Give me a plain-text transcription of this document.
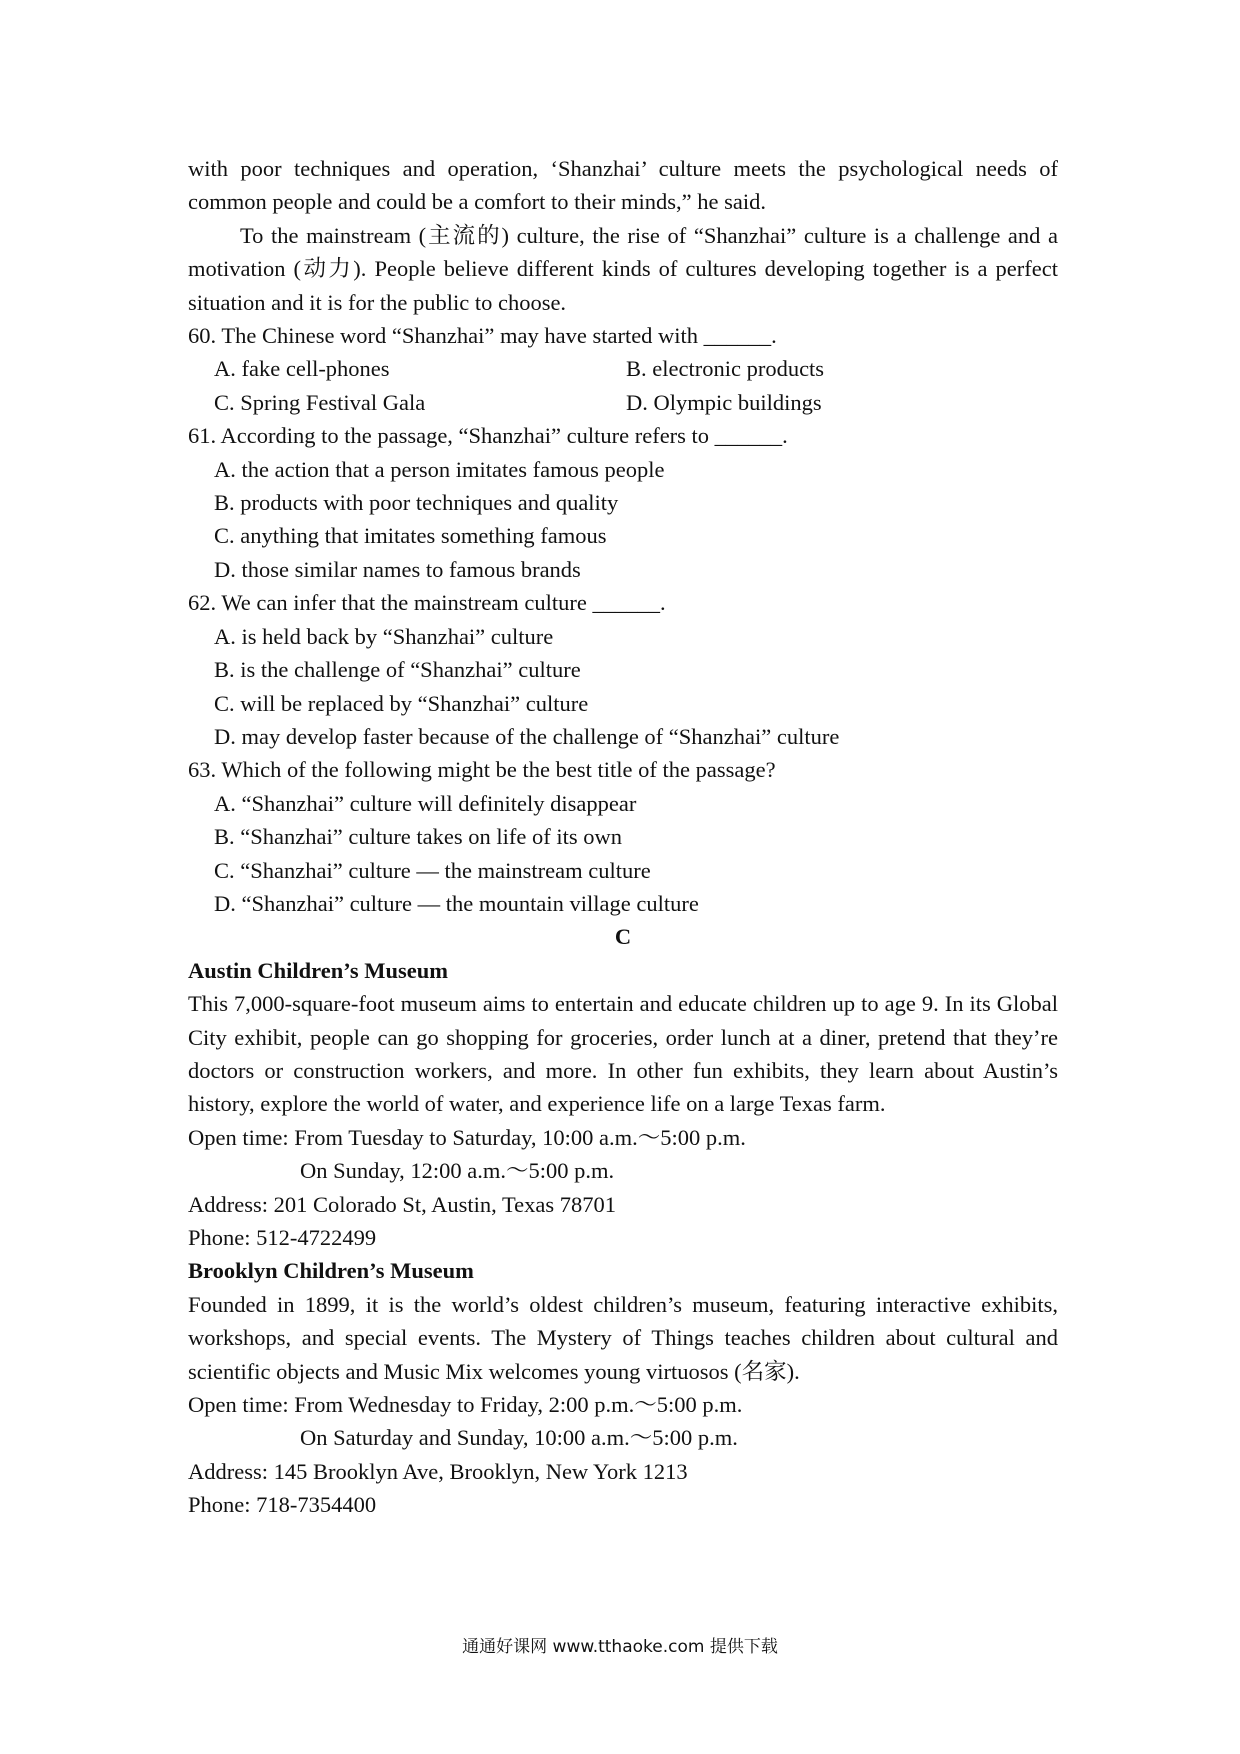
with poor techniques and operation, ‘Shanzhai’ culture meets the psychological needs of common people and could be a comfort to their minds,” he said.

To the mainstream (主流的) culture, the rise of “Shanzhai” culture is a challenge and a motivation (动力). People believe different kinds of cultures developing together is a perfect situation and it is for the public to choose.

60. The Chinese word “Shanzhai” may have started with ______.

A. fake cell-phones	B. electronic products
C. Spring Festival Gala	D. Olympic buildings

61. According to the passage, “Shanzhai” culture refers to ______.

A. the action that a person imitates famous people

B. products with poor techniques and quality

C. anything that imitates something famous

D. those similar names to famous brands

62. We can infer that the mainstream culture ______.

A. is held back by “Shanzhai” culture

B. is the challenge of “Shanzhai” culture

C. will be replaced by “Shanzhai” culture

D. may develop faster because of the challenge of “Shanzhai” culture

63. Which of the following might be the best title of the passage?

A. “Shanzhai” culture will definitely disappear

B. “Shanzhai” culture takes on life of its own

C. “Shanzhai” culture — the mainstream culture

D. “Shanzhai” culture — the mountain village culture

C

Austin Children’s Museum

This 7,000-square-foot museum aims to entertain and educate children up to age 9. In its Global City exhibit, people can go shopping for groceries, order lunch at a diner, pretend that they’re doctors or construction workers, and more. In other fun exhibits, they learn about Austin’s history, explore the world of water, and experience life on a large Texas farm.

Open time: From Tuesday to Saturday, 10:00 a.m.～5:00 p.m.

On Sunday, 12:00 a.m.～5:00 p.m.

Address: 201 Colorado St, Austin, Texas 78701

Phone: 512-4722499

Brooklyn Children’s Museum

Founded in 1899, it is the world’s oldest children’s museum, featuring interactive exhibits, workshops, and special events. The Mystery of Things teaches children about cultural and scientific objects and Music Mix welcomes young virtuosos (名家).

Open time: From Wednesday to Friday, 2:00 p.m.～5:00 p.m.

On Saturday and Sunday, 10:00 a.m.～5:00 p.m.

Address: 145 Brooklyn Ave, Brooklyn, New York 1213

Phone: 718-7354400

通通好课网 www.tthaoke.com 提供下载
